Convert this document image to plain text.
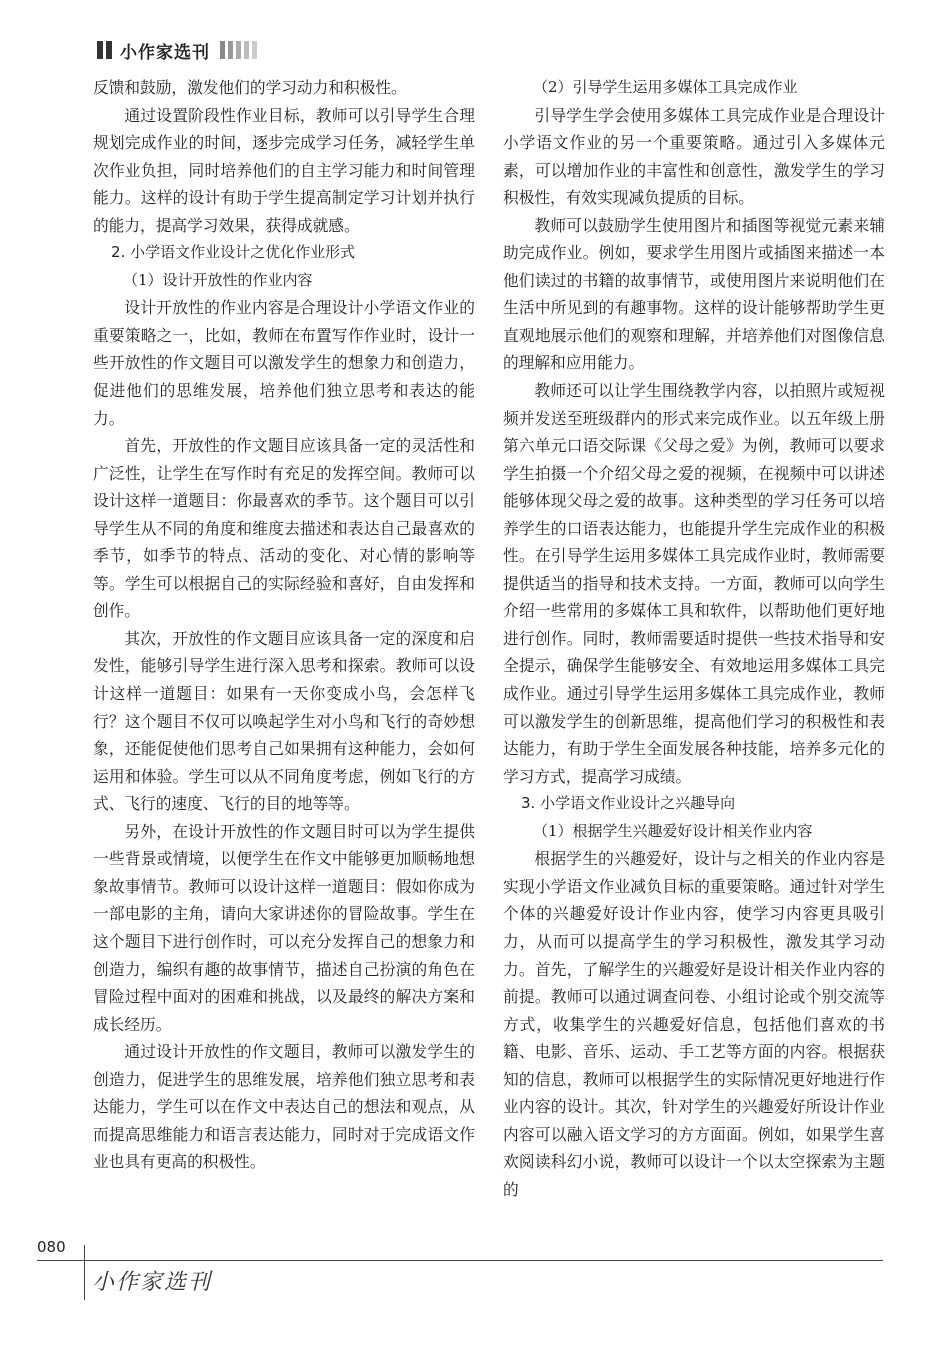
小作家选刊

反馈和鼓励，激发他们的学习动力和积极性。

通过设置阶段性作业目标，教师可以引导学生合理规划完成作业的时间，逐步完成学习任务，减轻学生单次作业负担，同时培养他们的自主学习能力和时间管理能力。这样的设计有助于学生提高制定学习计划并执行的能力，提高学习效果，获得成就感。

2. 小学语文作业设计之优化作业形式

（1）设计开放性的作业内容

设计开放性的作业内容是合理设计小学语文作业的重要策略之一，比如，教师在布置写作作业时，设计一些开放性的作文题目可以激发学生的想象力和创造力，促进他们的思维发展，培养他们独立思考和表达的能力。

首先，开放性的作文题目应该具备一定的灵活性和广泛性，让学生在写作时有充足的发挥空间。教师可以设计这样一道题目：你最喜欢的季节。这个题目可以引导学生从不同的角度和维度去描述和表达自己最喜欢的季节，如季节的特点、活动的变化、对心情的影响等等。学生可以根据自己的实际经验和喜好，自由发挥和创作。

其次，开放性的作文题目应该具备一定的深度和启发性，能够引导学生进行深入思考和探索。教师可以设计这样一道题目：如果有一天你变成小鸟，会怎样飞行？这个题目不仅可以唤起学生对小鸟和飞行的奇妙想象，还能促使他们思考自己如果拥有这种能力，会如何运用和体验。学生可以从不同角度考虑，例如飞行的方式、飞行的速度、飞行的目的地等等。

另外，在设计开放性的作文题目时可以为学生提供一些背景或情境，以便学生在作文中能够更加顺畅地想象故事情节。教师可以设计这样一道题目：假如你成为一部电影的主角，请向大家讲述你的冒险故事。学生在这个题目下进行创作时，可以充分发挥自己的想象力和创造力，编织有趣的故事情节，描述自己扮演的角色在冒险过程中面对的困难和挑战，以及最终的解决方案和成长经历。

通过设计开放性的作文题目，教师可以激发学生的创造力，促进学生的思维发展，培养他们独立思考和表达能力，学生可以在作文中表达自己的想法和观点，从而提高思维能力和语言表达能力，同时对于完成语文作业也具有更高的积极性。

（2）引导学生运用多媒体工具完成作业

引导学生学会使用多媒体工具完成作业是合理设计小学语文作业的另一个重要策略。通过引入多媒体元素，可以增加作业的丰富性和创意性，激发学生的学习积极性，有效实现减负提质的目标。

教师可以鼓励学生使用图片和插图等视觉元素来辅助完成作业。例如，要求学生用图片或插图来描述一本他们读过的书籍的故事情节，或使用图片来说明他们在生活中所见到的有趣事物。这样的设计能够帮助学生更直观地展示他们的观察和理解，并培养他们对图像信息的理解和应用能力。

教师还可以让学生围绕教学内容，以拍照片或短视频并发送至班级群内的形式来完成作业。以五年级上册第六单元口语交际课《父母之爱》为例，教师可以要求学生拍摄一个介绍父母之爱的视频，在视频中可以讲述能够体现父母之爱的故事。这种类型的学习任务可以培养学生的口语表达能力，也能提升学生完成作业的积极性。在引导学生运用多媒体工具完成作业时，教师需要提供适当的指导和技术支持。一方面，教师可以向学生介绍一些常用的多媒体工具和软件，以帮助他们更好地进行创作。同时，教师需要适时提供一些技术指导和安全提示，确保学生能够安全、有效地运用多媒体工具完成作业。通过引导学生运用多媒体工具完成作业，教师可以激发学生的创新思维，提高他们学习的积极性和表达能力，有助于学生全面发展各种技能，培养多元化的学习方式，提高学习成绩。

3. 小学语文作业设计之兴趣导向

（1）根据学生兴趣爱好设计相关作业内容

根据学生的兴趣爱好，设计与之相关的作业内容是实现小学语文作业减负目标的重要策略。通过针对学生个体的兴趣爱好设计作业内容，使学习内容更具吸引力，从而可以提高学生的学习积极性，激发其学习动力。首先，了解学生的兴趣爱好是设计相关作业内容的前提。教师可以通过调查问卷、小组讨论或个别交流等方式，收集学生的兴趣爱好信息，包括他们喜欢的书籍、电影、音乐、运动、手工艺等方面的内容。根据获知的信息，教师可以根据学生的实际情况更好地进行作业内容的设计。其次，针对学生的兴趣爱好所设计作业内容可以融入语文学习的方方面面。例如，如果学生喜欢阅读科幻小说，教师可以设计一个以太空探索为主题的

080
小作家选刊
